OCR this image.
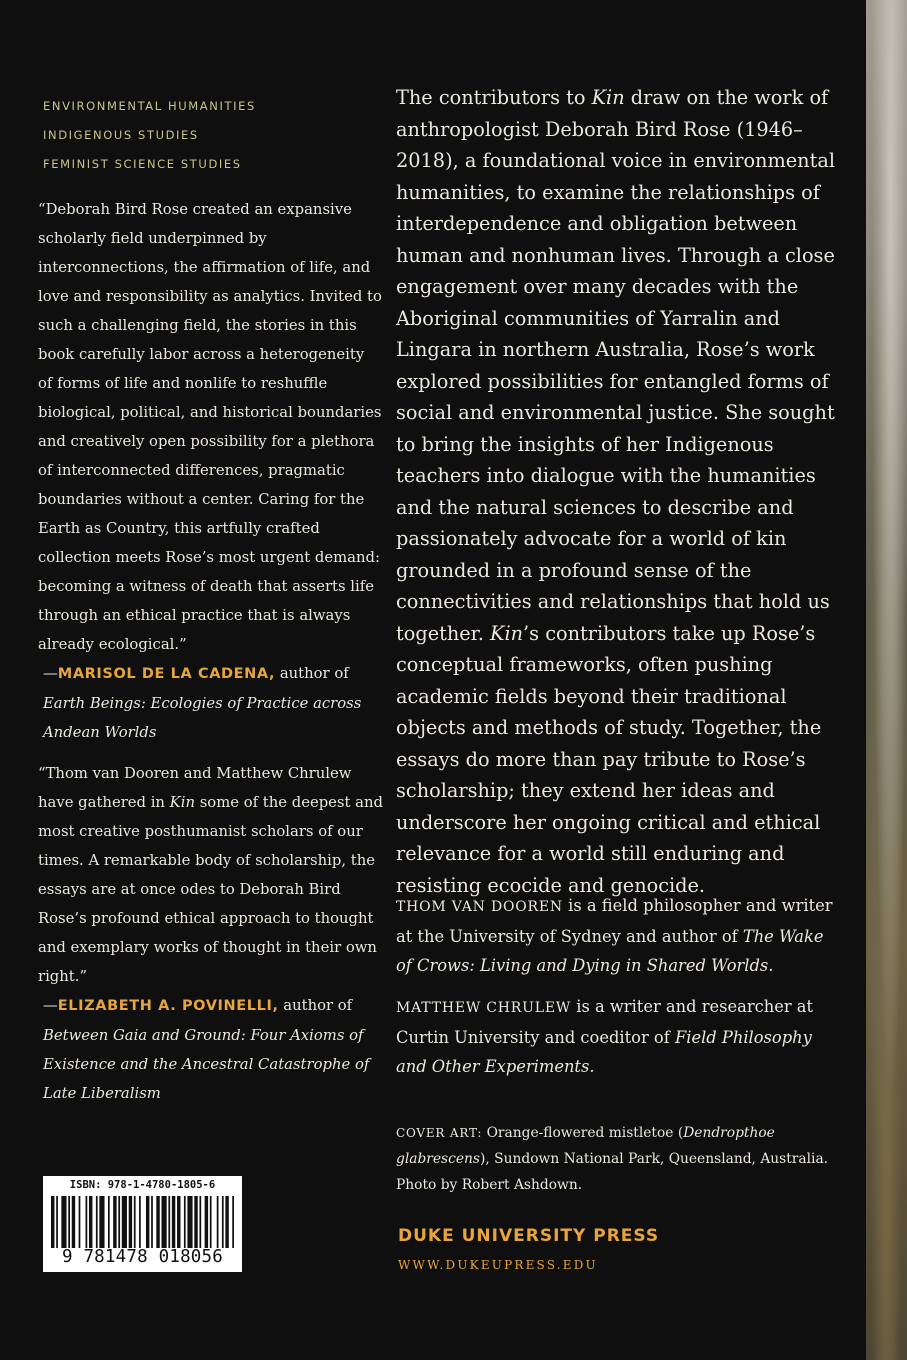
ENVIRONMENTAL HUMANITIES
INDIGENOUS STUDIES
FEMINIST SCIENCE STUDIES

“Deborah Bird Rose created an expansive scholarly field underpinned by interconnections, the affirmation of life, and love and responsibility as analytics. Invited to such a challenging field, the stories in this book carefully labor across a heterogeneity of forms of life and nonlife to reshuffle biological, political, and historical boundaries and creatively open possibility for a plethora of interconnected differences, pragmatic boundaries without a center. Caring for the Earth as Country, this artfully crafted collection meets Rose’s most urgent demand: becoming a witness of death that asserts life through an ethical practice that is always already ecological.”

—MARISOL DE LA CADENA, author of

Earth Beings: Ecologies of Practice across Andean Worlds

“Thom van Dooren and Matthew Chrulew have gathered in Kin some of the deepest and most creative posthumanist scholars of our times. A remarkable body of scholarship, the essays are at once odes to Deborah Bird Rose’s profound ethical approach to thought and exemplary works of thought in their own right.”

—ELIZABETH A. POVINELLI, author of

Between Gaia and Ground: Four Axioms of Existence and the Ancestral Catastrophe of Late Liberalism

The contributors to Kin draw on the work of anthropologist Deborah Bird Rose (1946–2018), a foundational voice in environmental humanities, to examine the relationships of interdependence and obligation between human and nonhuman lives. Through a close engagement over many decades with the Aboriginal communities of Yarralin and Lingara in northern Australia, Rose’s work explored possibilities for entangled forms of social and environmental justice. She sought to bring the insights of her Indigenous teachers into dialogue with the humanities and the natural sciences to describe and passionately advocate for a world of kin grounded in a profound sense of the connectivities and relationships that hold us together. Kin’s contributors take up Rose’s conceptual frameworks, often pushing academic fields beyond their traditional objects and methods of study. Together, the essays do more than pay tribute to Rose’s scholarship; they extend her ideas and underscore her ongoing critical and ethical relevance for a world still enduring and resisting ecocide and genocide.

THOM VAN DOOREN is a field philosopher and writer at the University of Sydney and author of The Wake of Crows: Living and Dying in Shared Worlds.

MATTHEW CHRULEW is a writer and researcher at Curtin University and coeditor of Field Philosophy and Other Experiments.

COVER ART: Orange-flowered mistletoe (Dendropthoe glabrescens), Sundown National Park, Queensland, Australia. Photo by Robert Ashdown.
DUKE UNIVERSITY PRESS
WWW.DUKEUPRESS.EDU
ISBN: 978-1-4780-1805-6
9 781478 018056
